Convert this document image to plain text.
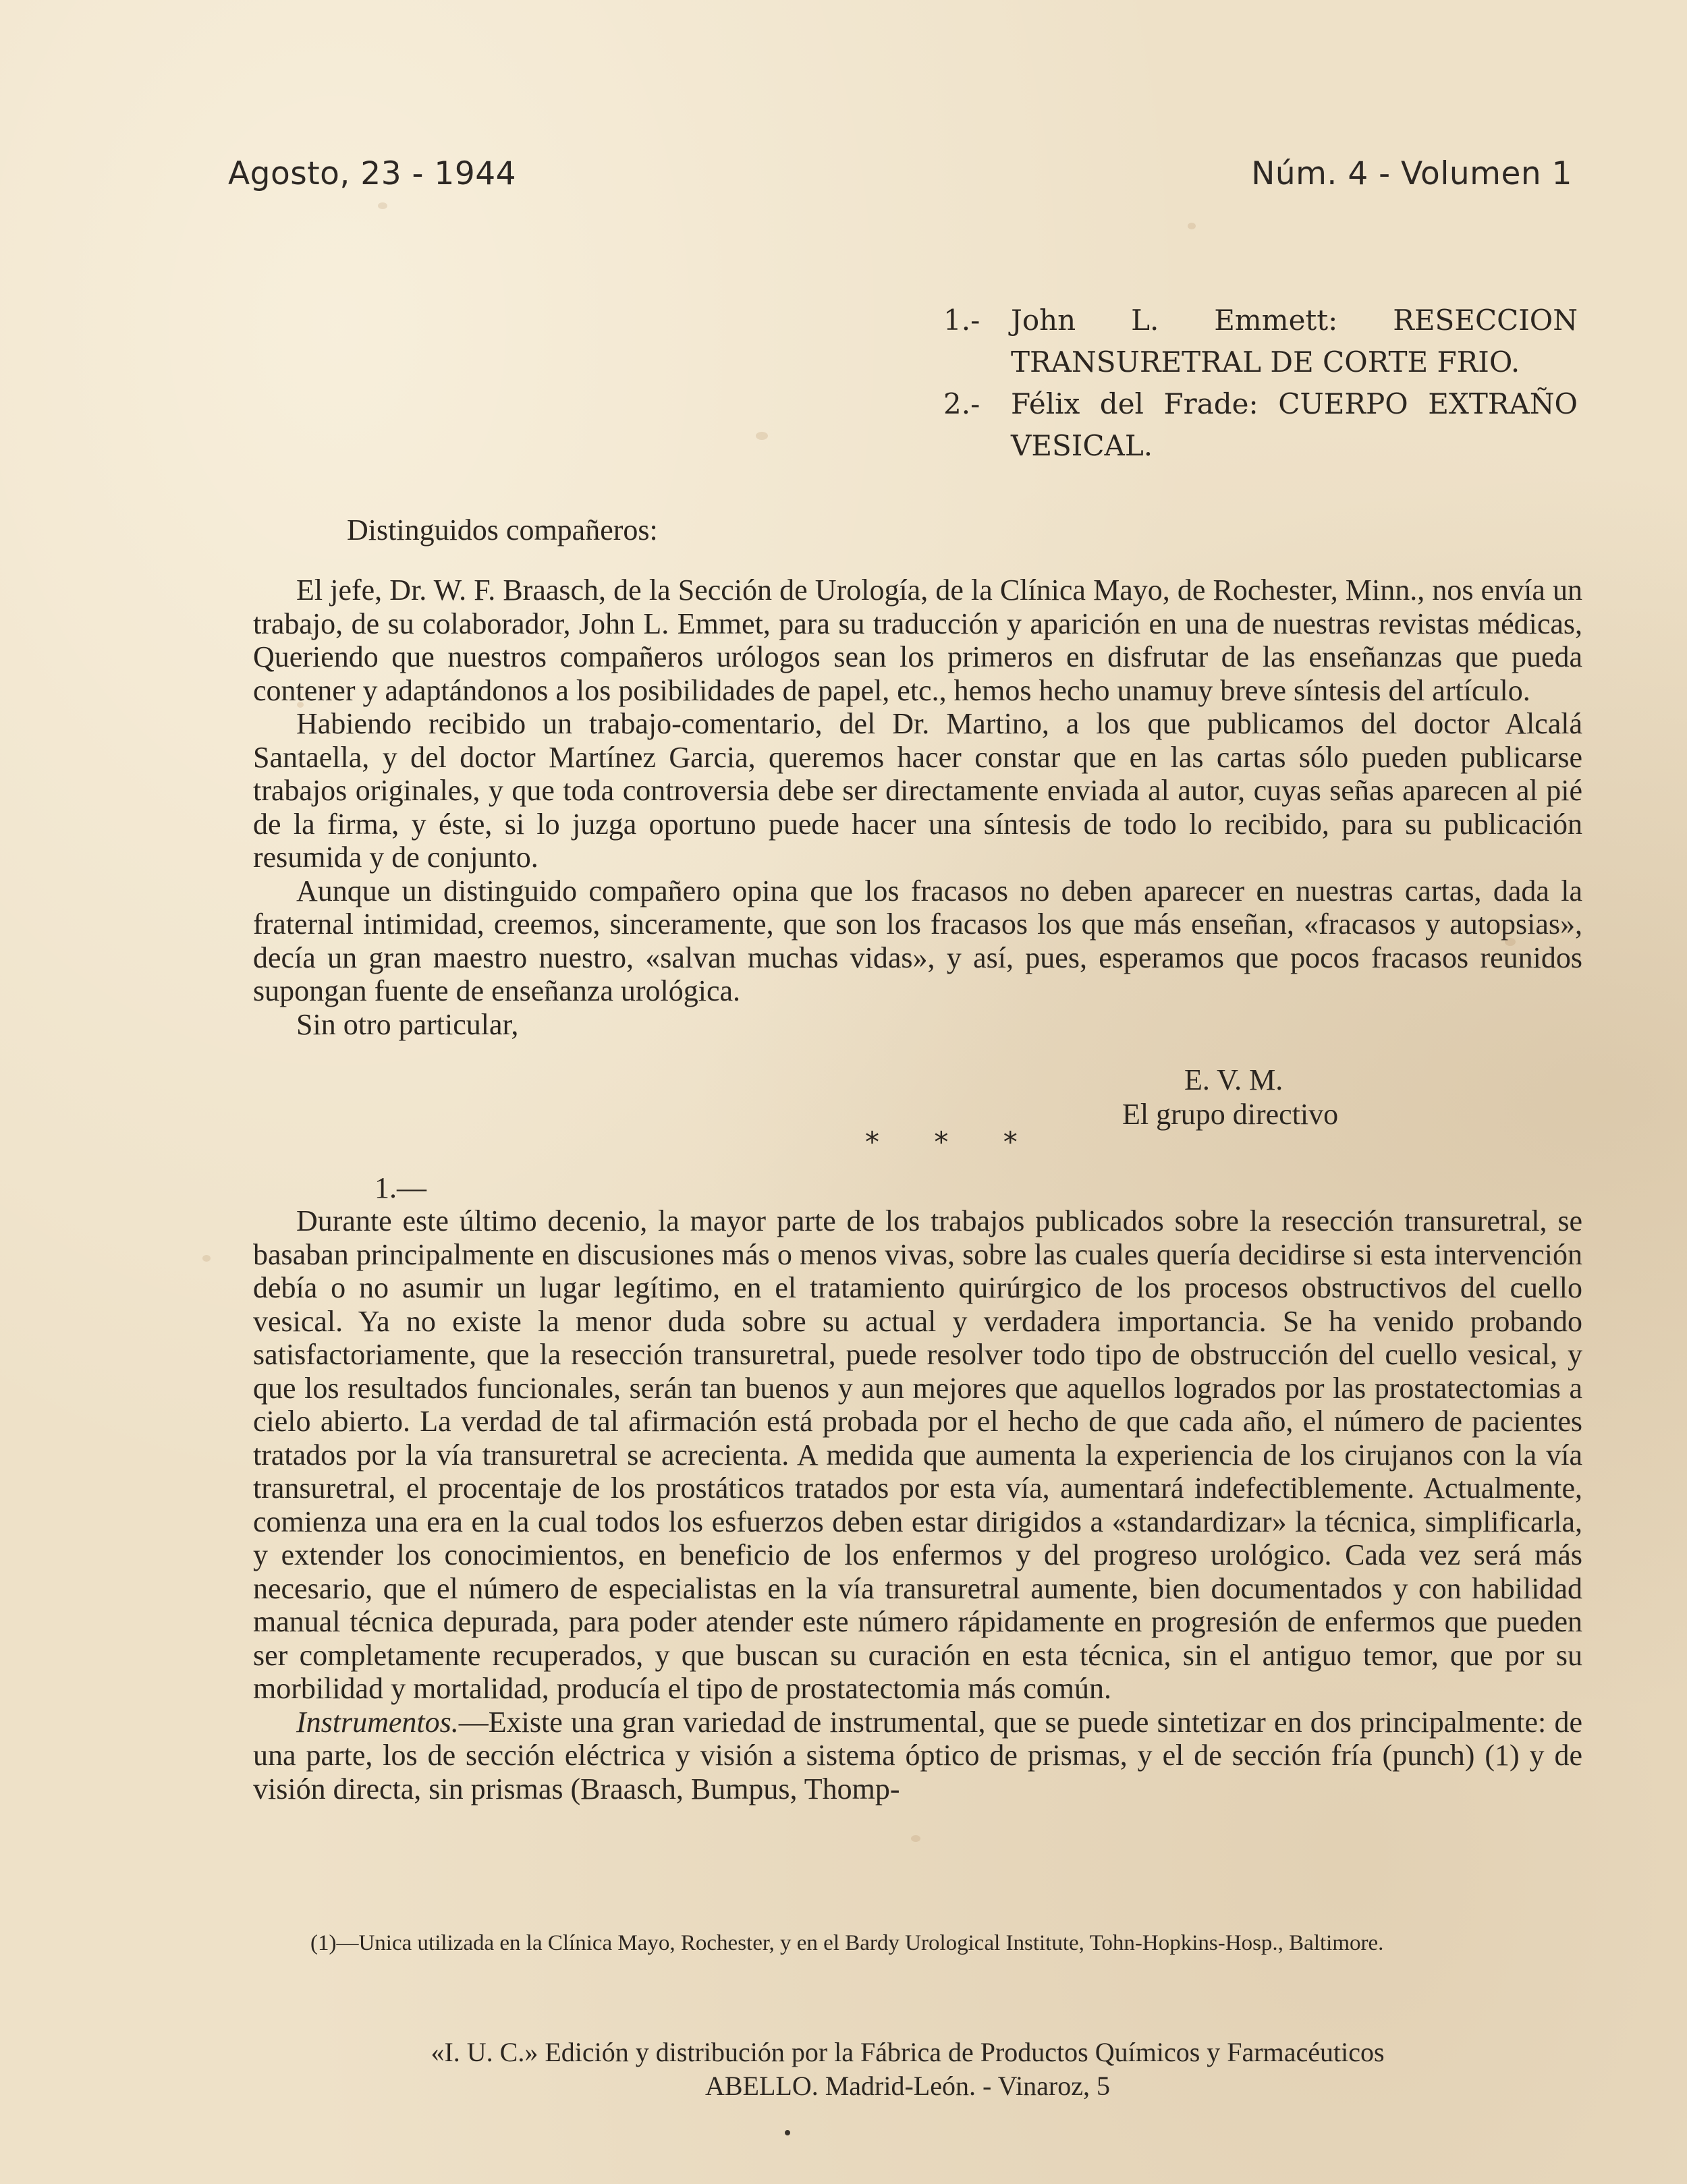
Agosto, 23 - 1944	Núm. 4 - Volumen 1
1.-	John L. Emmett: RESECCION TRANSURETRAL DE CORTE FRIO.
2.-	Félix del Frade: CUERPO EXTRAÑO VESICAL.
Distinguidos compañeros:

El jefe, Dr. W. F. Braasch, de la Sección de Urología, de la Clínica Mayo, de Rochester, Minn., nos envía un trabajo, de su colaborador, John L. Emmet, para su traducción y aparición en una de nuestras revistas médicas, Queriendo que nuestros compañeros urólogos sean los primeros en disfrutar de las enseñanzas que pueda contener y adaptándonos a los posibilidades de papel, etc., hemos hecho unamuy breve síntesis del artículo.

Habiendo recibido un trabajo-comentario, del Dr. Martino, a los que publicamos del doctor Alcalá Santaella, y del doctor Martínez Garcia, queremos hacer constar que en las cartas sólo pueden publicarse trabajos originales, y que toda controversia debe ser directamente enviada al autor, cuyas señas aparecen al pié de la firma, y éste, si lo juzga oportuno puede hacer una síntesis de todo lo recibido, para su publicación resumida y de conjunto.

Aunque un distinguido compañero opina que los fracasos no deben aparecer en nuestras cartas, dada la fraternal intimidad, creemos, sinceramente, que son los fracasos los que más enseñan, «fracasos y autopsias», decía un gran maestro nuestro, «salvan muchas vidas», y así, pues, esperamos que pocos fracasos reunidos supongan fuente de enseñanza urológica.

Sin otro particular,

E. V. M.
El grupo directivo
* * *
1.—

Durante este último decenio, la mayor parte de los trabajos publicados sobre la resección transuretral, se basaban principalmente en discusiones más o menos vivas, sobre las cuales quería decidirse si esta intervención debía o no asumir un lugar legítimo, en el tratamiento quirúrgico de los procesos obstructivos del cuello vesical. Ya no existe la menor duda sobre su actual y verdadera importancia. Se ha venido probando satisfactoriamente, que la resección transuretral, puede resolver todo tipo de obstrucción del cuello vesical, y que los resultados funcionales, serán tan buenos y aun mejores que aquellos logrados por las prostatectomias a cielo abierto. La verdad de tal afirmación está probada por el hecho de que cada año, el número de pacientes tratados por la vía transuretral se acrecienta. A medida que aumenta la experiencia de los cirujanos con la vía transuretral, el procentaje de los prostáticos tratados por esta vía, aumentará indefectiblemente. Actualmente, comienza una era en la cual todos los esfuerzos deben estar dirigidos a «standardizar» la técnica, simplificarla, y extender los conocimientos, en beneficio de los enfermos y del progreso urológico. Cada vez será más necesario, que el número de especialistas en la vía transuretral aumente, bien documentados y con habilidad manual técnica depurada, para poder atender este número rápidamente en progresión de enfermos que pueden ser completamente recuperados, y que buscan su curación en esta técnica, sin el antiguo temor, que por su morbilidad y mortalidad, producía el tipo de prostatectomia más común.

Instrumentos.—Existe una gran variedad de instrumental, que se puede sintetizar en dos principalmente: de una parte, los de sección eléctrica y visión a sistema óptico de prismas, y el de sección fría (punch) (1) y de visión directa, sin prismas (Braasch, Bumpus, Thomp-

(1)—Unica utilizada en la Clínica Mayo, Rochester, y en el Bardy Urological Institute, Tohn-Hopkins-Hosp., Baltimore.
«I. U. C.» Edición y distribución por la Fábrica de Productos Químicos y Farmacéuticos
ABELLO. Madrid-León. - Vinaroz, 5
